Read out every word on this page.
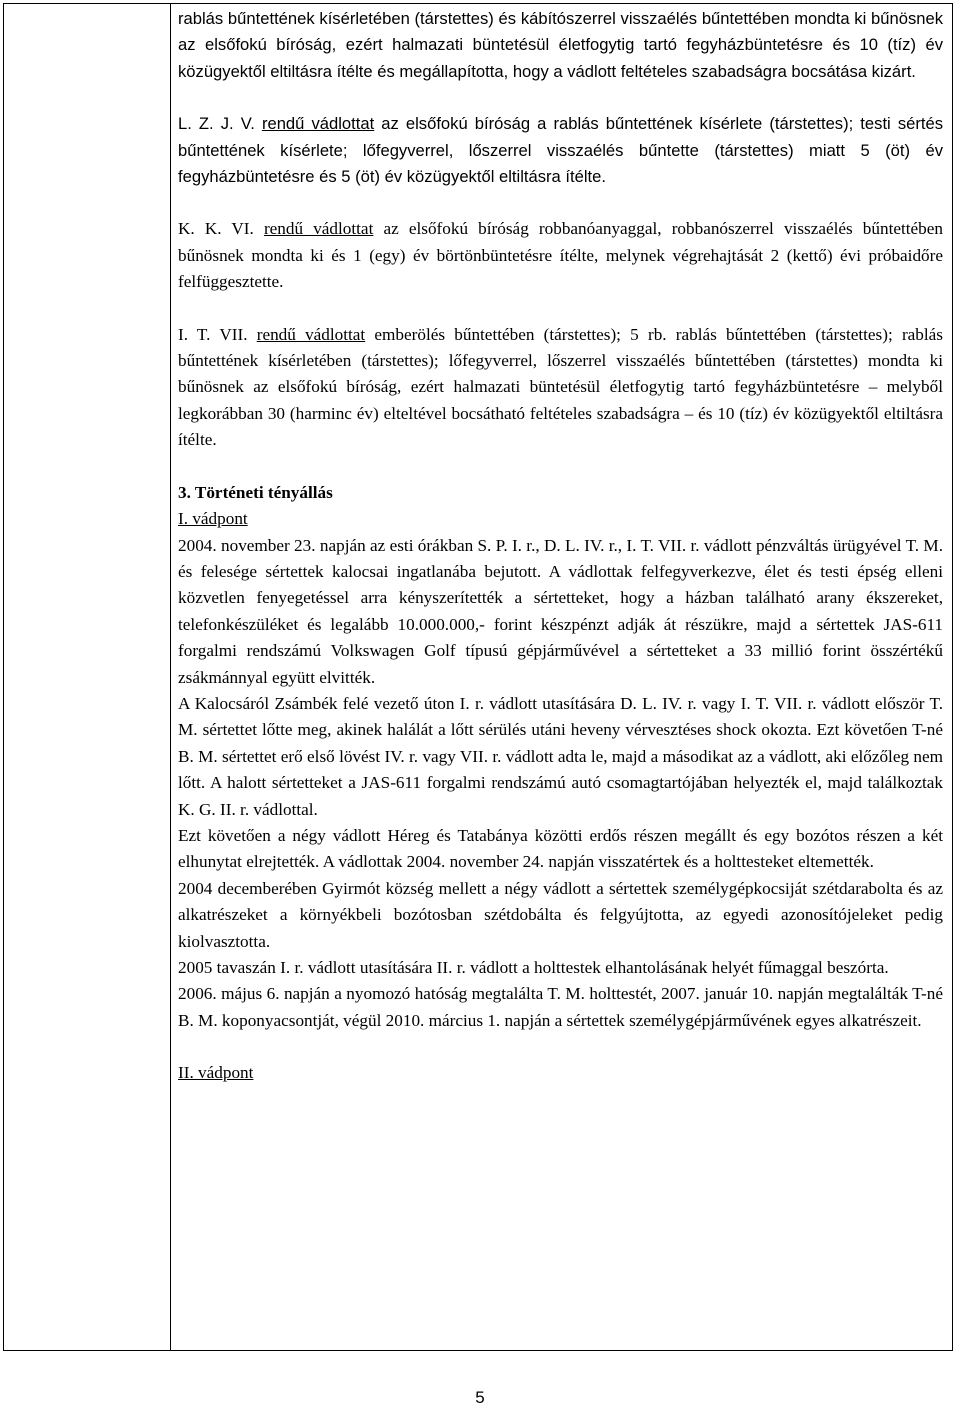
rablás bűntettének kísérletében (társtettes) és kábítószerrel visszaélés bűntettében mondta ki bűnösnek az elsőfokú bíróság, ezért halmazati büntetésül életfogytig tartó fegyházbüntetésre és 10 (tíz) év közügyektől eltiltásra ítélte és megállapította, hogy a vádlott feltételes szabadságra bocsátása kizárt.

L. Z. J. V. rendű vádlottat az elsőfokú bíróság a rablás bűntettének kísérlete (társtettes); testi sértés bűntettének kísérlete; lőfegyverrel, lőszerrel visszaélés bűntette (társtettes) miatt 5 (öt) év fegyházbüntetésre és 5 (öt) év közügyektől eltiltásra ítélte.

K. K. VI. rendű vádlottat az elsőfokú bíróság robbanóanyaggal, robbanószerrel visszaélés bűntettében bűnösnek mondta ki és 1 (egy) év börtönbüntetésre ítélte, melynek végrehajtását 2 (kettő) évi próbaidőre felfüggesztette.

I. T. VII. rendű vádlottat emberölés bűntettében (társtettes); 5 rb. rablás bűntettében (társtettes); rablás bűntettének kísérletében (társtettes); lőfegyverrel, lőszerrel visszaélés bűntettében (társtettes) mondta ki bűnösnek az elsőfokú bíróság, ezért halmazati büntetésül életfogytig tartó fegyházbüntetésre – melyből legkorábban 30 (harminc év) elteltével bocsátható feltételes szabadságra – és 10 (tíz) év közügyektől eltiltásra ítélte.

3. Történeti tényállás
I. vádpont

2004. november 23. napján az esti órákban S. P. I. r., D. L. IV. r., I. T. VII. r. vádlott pénzváltás ürügyével T. M. és felesége sértettek kalocsai ingatlanába bejutott. A vádlottak felfegyverkezve, élet és testi épség elleni közvetlen fenyegetéssel arra kényszerítették a sértetteket, hogy a házban található arany ékszereket, telefonkészüléket és legalább 10.000.000,- forint készpénzt adják át részükre, majd a sértettek JAS-611 forgalmi rendszámú Volkswagen Golf típusú gépjárművével a sértetteket a 33 millió forint összértékű zsákmánnyal együtt elvitték.

A Kalocsáról Zsámbék felé vezető úton I. r. vádlott utasítására D. L. IV. r. vagy I. T. VII. r. vádlott először T. M. sértettet lőtte meg, akinek halálát a lőtt sérülés utáni heveny vérvesztéses shock okozta. Ezt követően T-né B. M. sértettet erő első lövést IV. r. vagy VII. r. vádlott adta le, majd a másodikat az a vádlott, aki előzőleg nem lőtt. A halott sértetteket a JAS-611 forgalmi rendszámú autó csomagtartójában helyezték el, majd találkoztak K. G. II. r. vádlottal.

Ezt követően a négy vádlott Héreg és Tatabánya közötti erdős részen megállt és egy bozótos részen a két elhunytat elrejtették. A vádlottak 2004. november 24. napján visszatértek és a holttesteket eltemették.

2004 decemberében Gyirmót község mellett a négy vádlott a sértettek személygépkocsiját szétdarabolta és az alkatrészeket a környékbeli bozótosban szétdobálta és felgyújtotta, az egyedi azonosítójeleket pedig kiolvasztotta.

2005 tavaszán I. r. vádlott utasítására II. r. vádlott a holttestek elhantolásának helyét fűmaggal beszórta.

2006. május 6. napján a nyomozó hatóság megtalálta T. M. holttestét, 2007. január 10. napján megtalálták T-né B. M. koponyacsontját, végül 2010. március 1. napján a sértettek személygépjárművének egyes alkatrészeit.

II. vádpont
5
